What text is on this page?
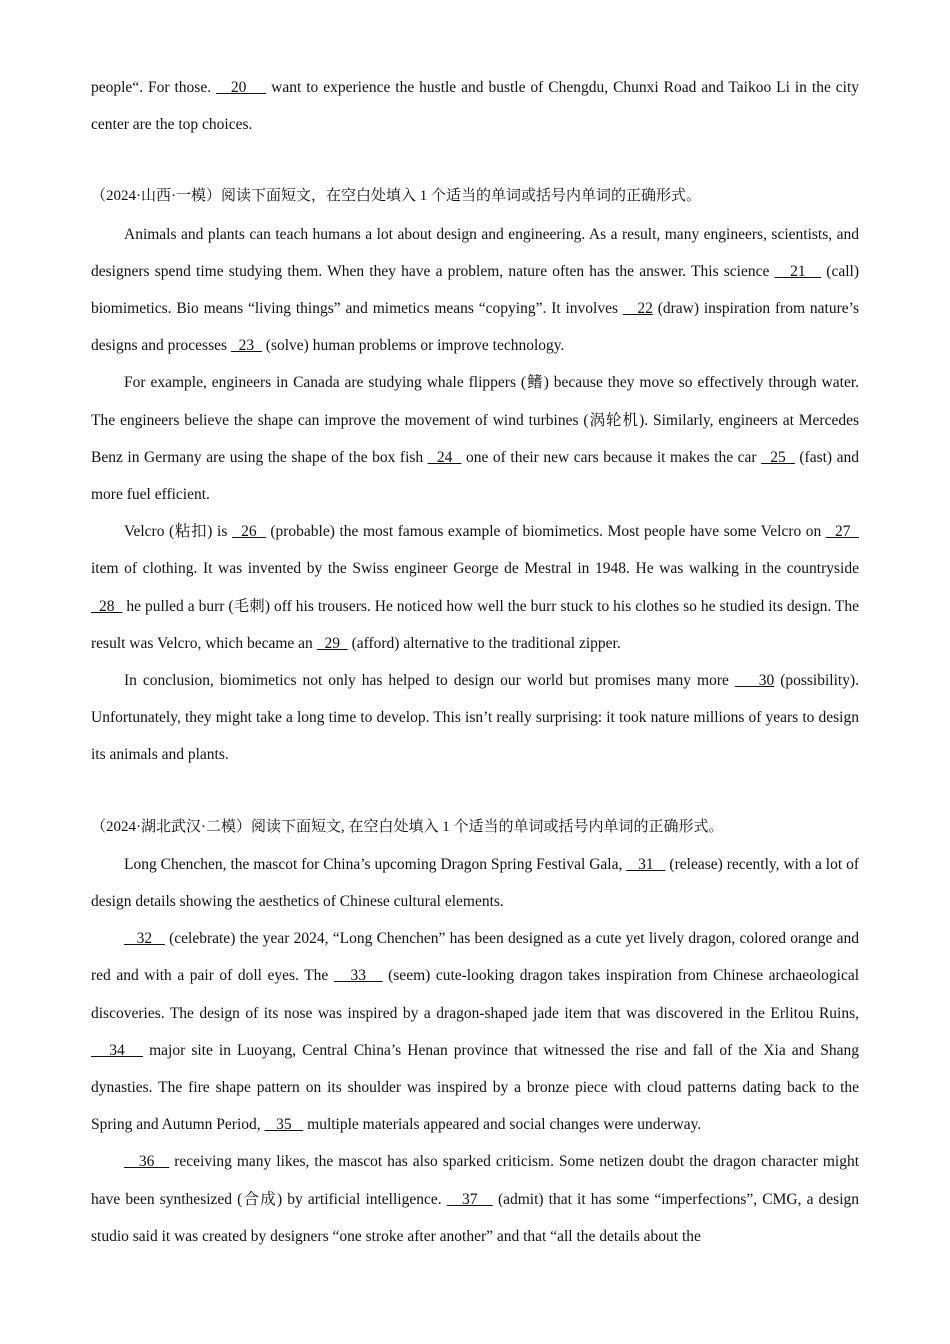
people“. For those.    20     want to experience the hustle and bustle of Chengdu, Chunxi Road and Taikoo Li in the city center are the top choices.

（2024·山西·一模）阅读下面短文，在空白处填入 1 个适当的单词或括号内单词的正确形式。

Animals and plants can teach humans a lot about design and engineering. As a result, many engineers, scientists, and designers spend time studying them. When they have a problem, nature often has the answer. This science    21    (call) biomimetics. Bio means “living things” and mimetics means “copying”. It involves    22 (draw) inspiration from nature’s designs and processes   23   (solve) human problems or improve technology.

For example, engineers in Canada are studying whale flippers (鳍) because they move so effectively through water. The engineers believe the shape can improve the movement of wind turbines (涡轮机). Similarly, engineers at Mercedes Benz in Germany are using the shape of the box fish   24   one of their new cars because it makes the car   25   (fast) and more fuel efficient.

Velcro (粘扣) is   26   (probable) the most famous example of biomimetics. Most people have some Velcro on   27   item of clothing. It was invented by the Swiss engineer George de Mestral in 1948. He was walking in the countryside   28   he pulled a burr (毛刺) off his trousers. He noticed how well the burr stuck to his clothes so he studied its design. The result was Velcro, which became an   29   (afford) alternative to the traditional zipper.

In conclusion, biomimetics not only has helped to design our world but promises many more     30 (possibility). Unfortunately, they might take a long time to develop. This isn’t really surprising: it took nature millions of years to design its animals and plants.

（2024·湖北武汉·二模）阅读下面短文, 在空白处填入 1 个适当的单词或括号内单词的正确形式。

Long Chenchen, the mascot for China’s upcoming Dragon Spring Festival Gala,    31    (release) recently, with a lot of design details showing the aesthetics of Chinese cultural elements.

32    (celebrate) the year 2024, “Long Chenchen” has been designed as a cute yet lively dragon, colored orange and red and with a pair of doll eyes. The    33    (seem) cute-looking dragon takes inspiration from Chinese archaeological discoveries. The design of its nose was inspired by a dragon-shaped jade item that was discovered in the Erlitou Ruins,    34    major site in Luoyang, Central China’s Henan province that witnessed the rise and fall of the Xia and Shang dynasties. The fire shape pattern on its shoulder was inspired by a bronze piece with cloud patterns dating back to the Spring and Autumn Period,    35    multiple materials appeared and social changes were underway.

36    receiving many likes, the mascot has also sparked criticism. Some netizen doubt the dragon character might have been synthesized (合成) by artificial intelligence.    37    (admit) that it has some “imperfections”, CMG, a design studio said it was created by designers “one stroke after another” and that “all the details about the
